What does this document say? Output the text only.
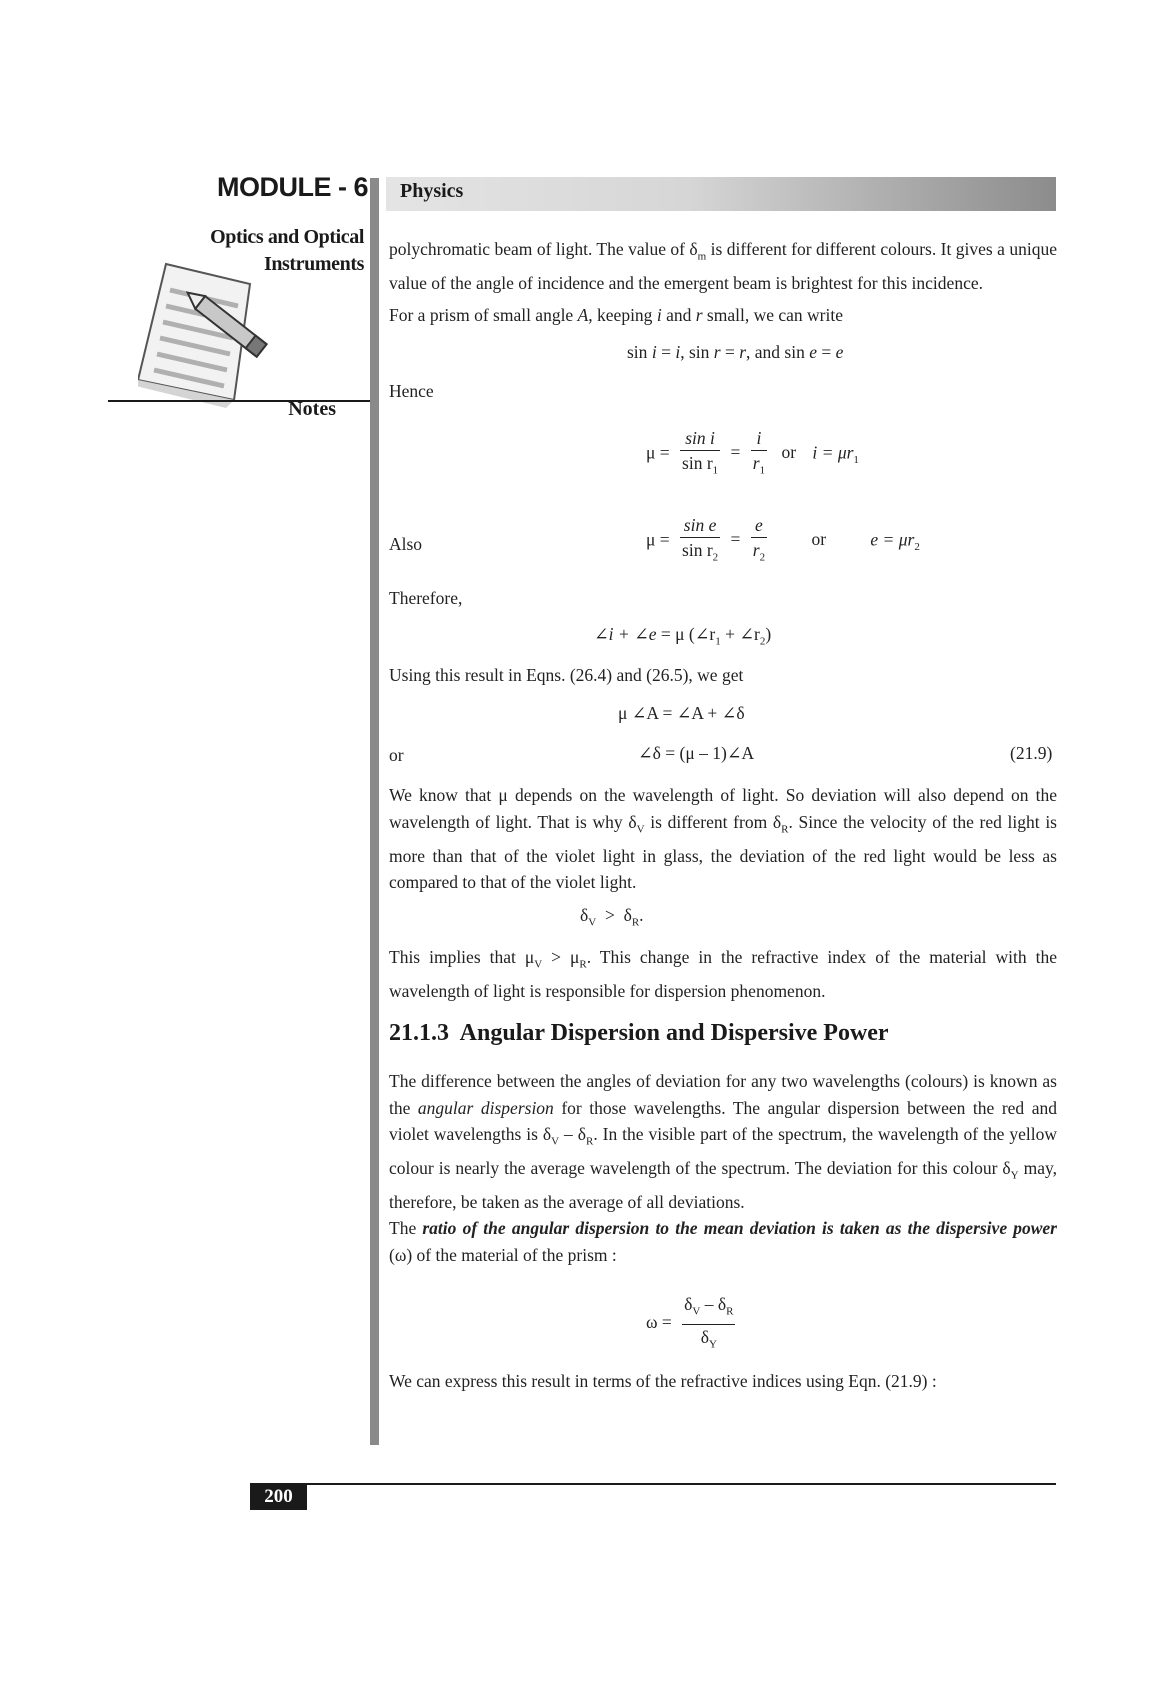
MODULE - 6 Physics
Optics and Optical
Instruments
Notes
polychromatic beam of light. The value of $\delta_m$ is different for different colours. It gives a unique value of the angle of incidence and the emergent beam is brightest for this incidence.
For a prism of small angle A, keeping i and r small, we can write
sin i = i, sin r = r, and sin e = e
Hence
$\mu = \frac{\text{sin i}}{\sin r_1} = \frac{i}{r_1}$ or $i = \mu r_1$
Also	$\mu = \frac{\text{sin e}}{\sin r_2} = \frac{e}{r_2}$	or	$e = \mu r_2$
Therefore,
∠i + ∠e = μ ($\angle r_1$ + $\angle r_2$)
Using this result in Eqns. (26.4) and (26.5), we get
μ ∠A = ∠A + ∠δ
or	∠δ = (μ – 1)∠A	(21.9)
We know that μ depends on the wavelength of light. So deviation will also depend on the wavelength of light. That is why $\delta_V$ is different from $\delta_R$. Since the velocity of the red light is more than that of the violet light in glass, the deviation of the red light would be less as compared to that of the violet light.
$\delta_V > \delta_R$.
This implies that $\mu_V > \mu_R$. This change in the refractive index of the material with the wavelength of light is responsible for dispersion phenomenon.
21.1.3  Angular Dispersion and Dispersive Power
The difference between the angles of deviation for any two wavelengths (colours) is known as the angular dispersion for those wavelengths. The angular dispersion between the red and violet wavelengths is $\delta_V - \delta_R$. In the visible part of the spectrum, the wavelength of the yellow colour is nearly the average wavelength of the spectrum. The deviation for this colour $\delta_Y$ may, therefore, be taken as the average of all deviations.
The ratio of the angular dispersion to the mean deviation is taken as the dispersive power (ω) of the material of the prism :
$\omega = \frac{\delta_V - \delta_R}{\delta_Y}$
We can express this result in terms of the refractive indices using Eqn. (21.9) :
200
